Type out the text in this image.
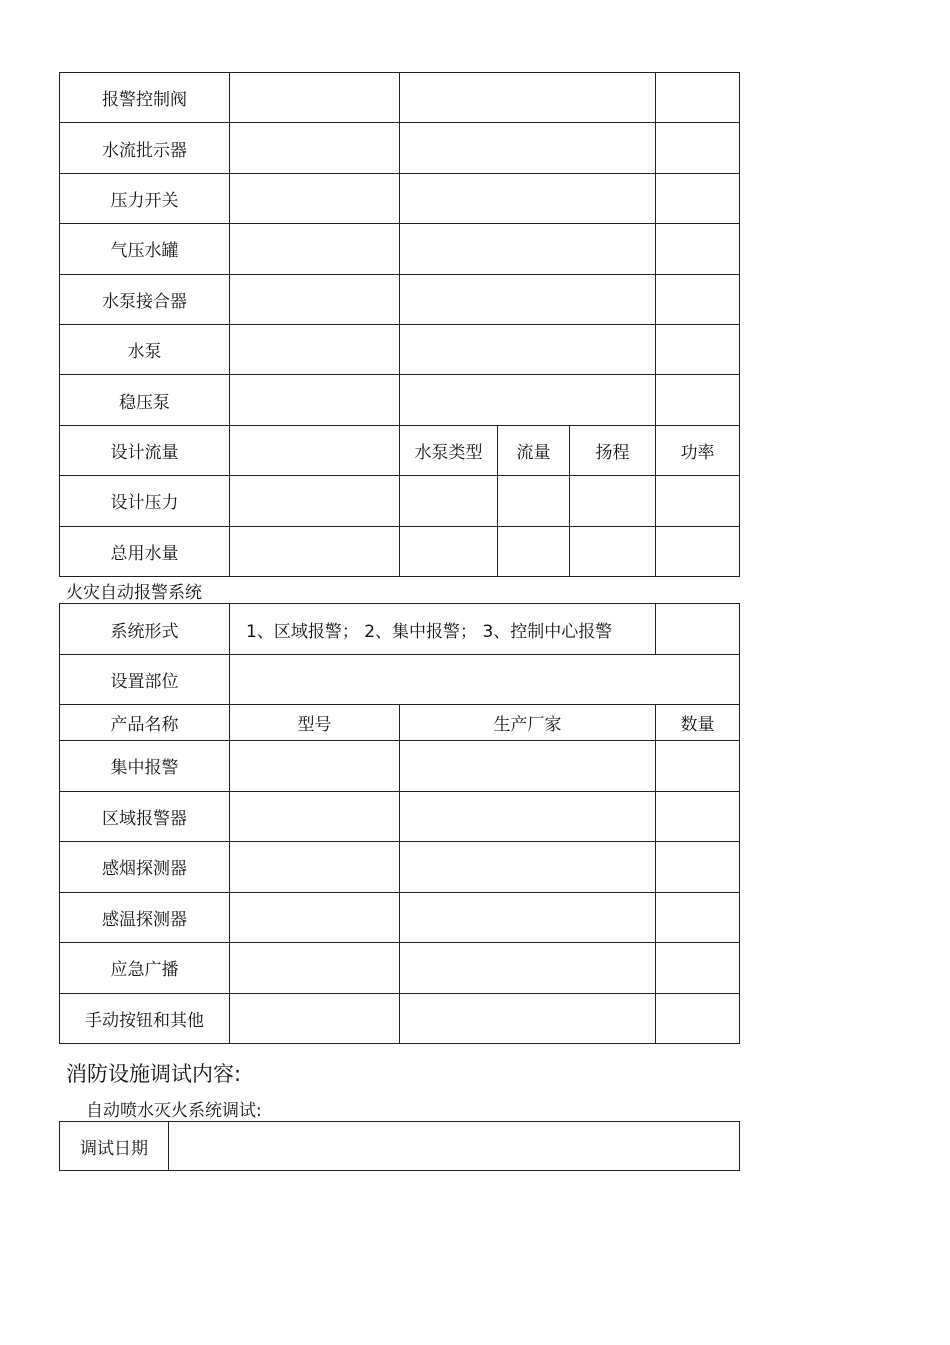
报警控制阀					
水流批示器					
压力开关					
气压水罐					
水泵接合器					
水泵					
稳压泵					
设计流量		水泵类型	流量	扬程	功率
设计压力					
总用水量					
火灾自动报警系统
系统形式	1、区域报警； 2、集中报警； 3、控制中心报警		
设置部位			
产品名称	型号	生产厂家	数量
集中报警			
区域报警器			
感烟探测器			
感温探测器			
应急广播			
手动按钮和其他			
消防设施调试内容:
自动喷水灭火系统调试:
调试日期	
